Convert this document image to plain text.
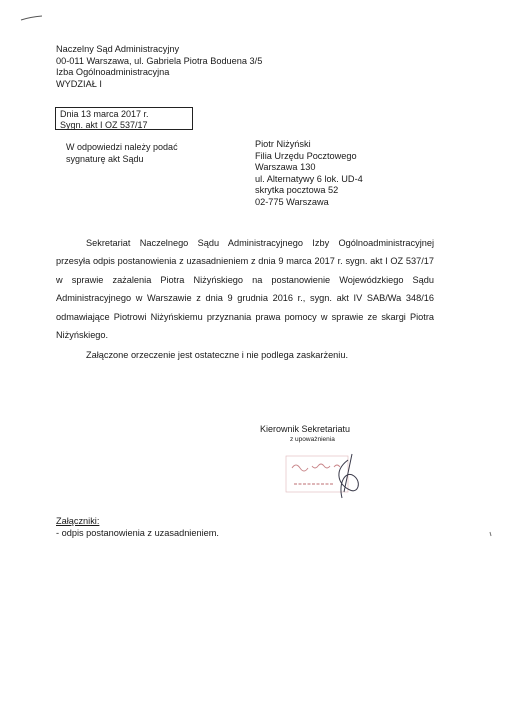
Naczelny Sąd Administracyjny
00-011 Warszawa, ul. Gabriela Piotra Boduena 3/5
Izba Ogólnoadministracyjna
WYDZIAŁ I
Dnia 13 marca 2017 r.
Sygn. akt I OZ 537/17
W odpowiedzi należy podać
sygnaturę akt Sądu
Piotr Niżyński
Filia Urzędu Pocztowego
Warszawa 130
ul. Alternatywy 6 lok. UD-4
skrytka pocztowa 52
02-775 Warszawa

Sekretariat Naczelnego Sądu Administracyjnego Izby Ogólnoadministracyjnej przesyła odpis postanowienia z uzasadnieniem z dnia 9 marca 2017 r. sygn. akt I OZ 537/17 w sprawie zażalenia Piotra Niżyńskiego na postanowienie Wojewódzkiego Sądu Administracyjnego w Warszawie z dnia 9 grudnia 2016 r., sygn. akt IV SAB/Wa 348/16 odmawiające Piotrowi Niżyńskiemu przyznania prawa pomocy w sprawie ze skargi Piotra Niżyńskiego.

Załączone orzeczenie jest ostateczne i nie podlega zaskarżeniu.

Kierownik Sekretariatu
z upoważnienia
Załączniki:
- odpis postanowienia z uzasadnieniem.
